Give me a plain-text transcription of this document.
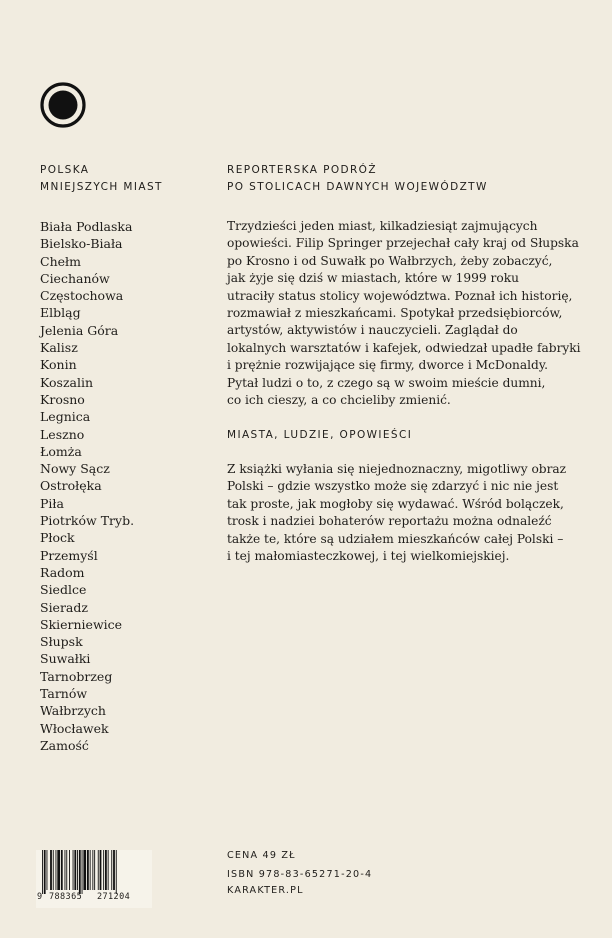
POLSKA
MNIEJSZYCH MIAST
REPORTERSKA PODRÓŻ
PO STOLICACH DAWNYCH WOJEWÓDZTW
Biała Podlaska
Bielsko-Biała
Chełm
Ciechanów
Częstochowa
Elbląg
Jelenia Góra
Kalisz
Konin
Koszalin
Krosno
Legnica
Leszno
Łomża
Nowy Sącz
Ostrołęka
Piła
Piotrków Tryb.
Płock
Przemyśl
Radom
Siedlce
Sieradz
Skierniewice
Słupsk
Suwałki
Tarnobrzeg
Tarnów
Wałbrzych
Włocławek
Zamość

Trzydzieści jeden miast, kilkadziesiąt zajmujących
opowieści. Filip Springer przejechał cały kraj od Słupska
po Krosno i od Suwałk po Wałbrzych, żeby zobaczyć,
jak żyje się dziś w miastach, które w 1999 roku
utraciły status stolicy województwa. Poznał ich historię,
rozmawiał z mieszkańcami. Spotykał przedsiębiorców,
artystów, aktywistów i nauczycieli. Zaglądał do
lokalnych warsztatów i kafejek, odwiedzał upadłe fabryki
i prężnie rozwijające się firmy, dworce i McDonaldy.
Pytał ludzi o to, z czego są w swoim mieście dumni,
co ich cieszy, a co chcieliby zmienić.

MIASTA, LUDZIE, OPOWIEŚCI

Z książki wyłania się niejednoznaczny, migotliwy obraz
Polski – gdzie wszystko może się zdarzyć i nic nie jest
tak proste, jak mogłoby się wydawać. Wśród bolączek,
trosk i nadziei bohaterów reportażu można odnaleźć
także te, które są udziałem mieszkańców całej Polski –
i tej małomiasteczkowej, i tej wielkomiejskiej.

9 788365 271204
CENA 49 ZŁ
ISBN 978-83-65271-20-4
KARAKTER.PL
